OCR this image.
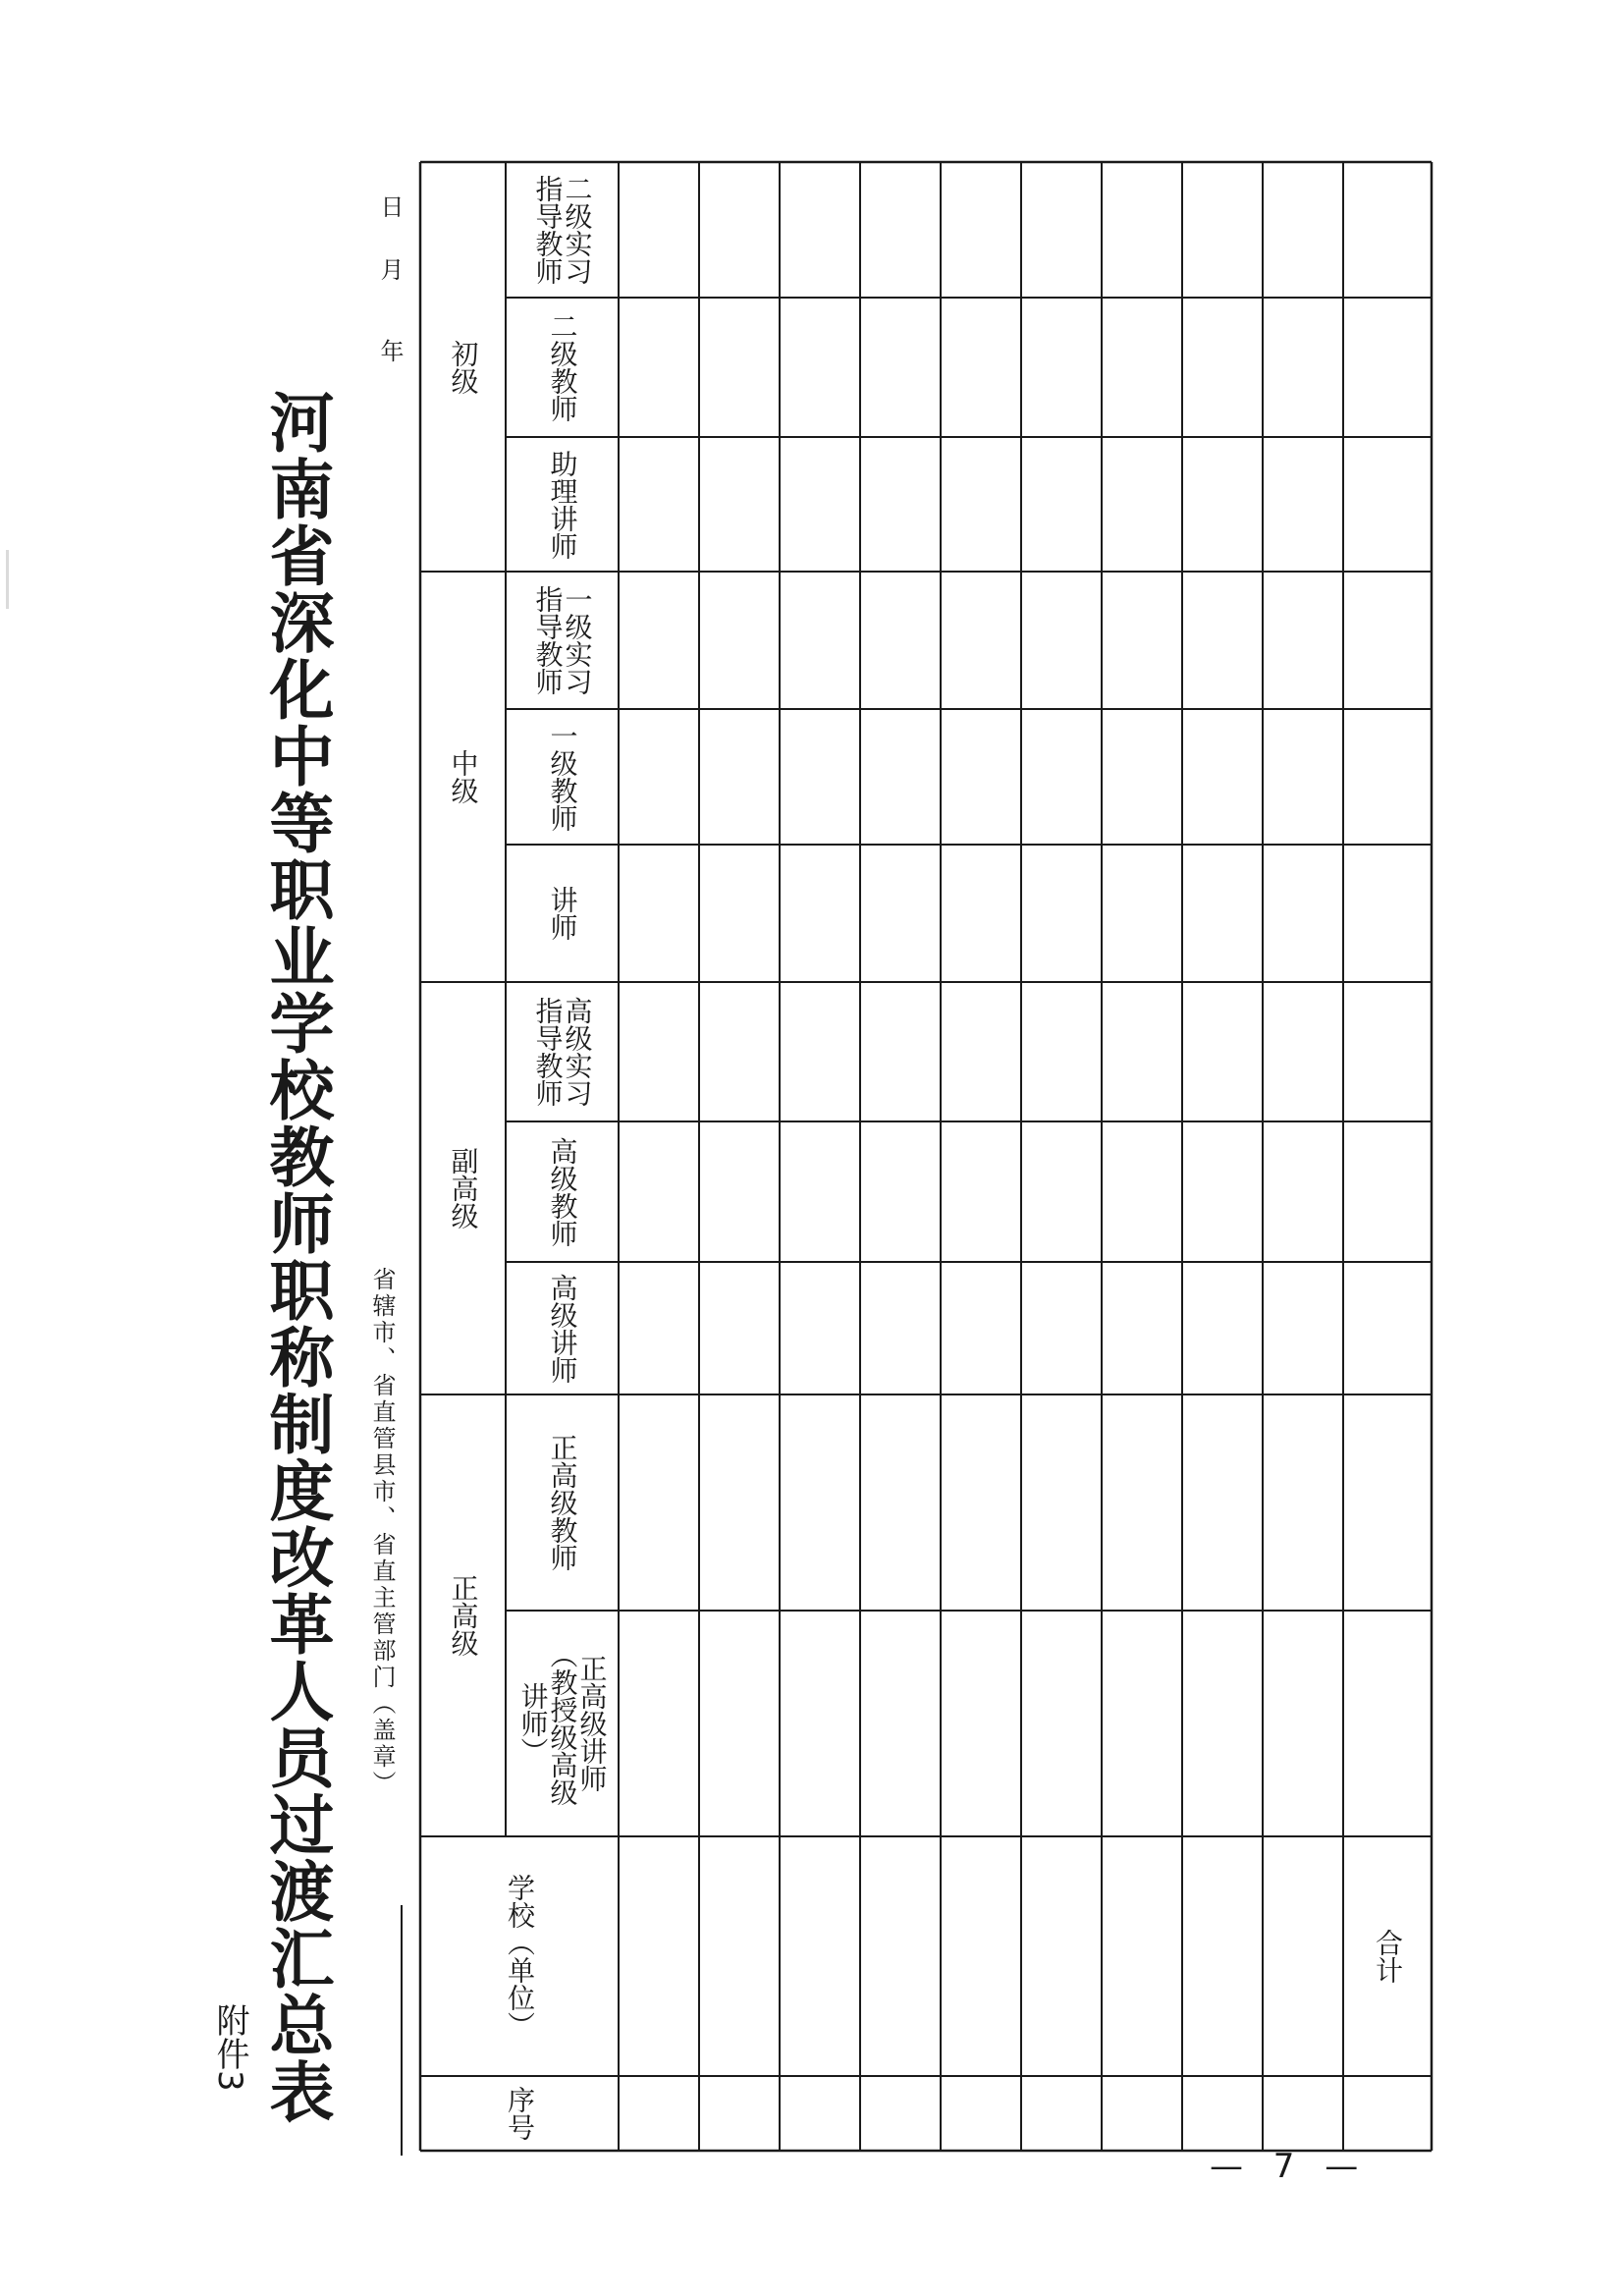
附件3 河南省深化中等职业学校教师职称制度改革人员过渡汇总表	省辖市、省直管县市、省直主管部门（盖章）
年
月
日
序号
学校（单位）
正高级
副高级
中级
初级
正高级讲师
（教授级高级
讲师）
正高级教师
高级讲师
高级教师
高级实习
指导教师
讲师
一级教师
一级实习
指导教师
助理讲师
二级教师
二级实习
指导教师
合计
— 7 —
